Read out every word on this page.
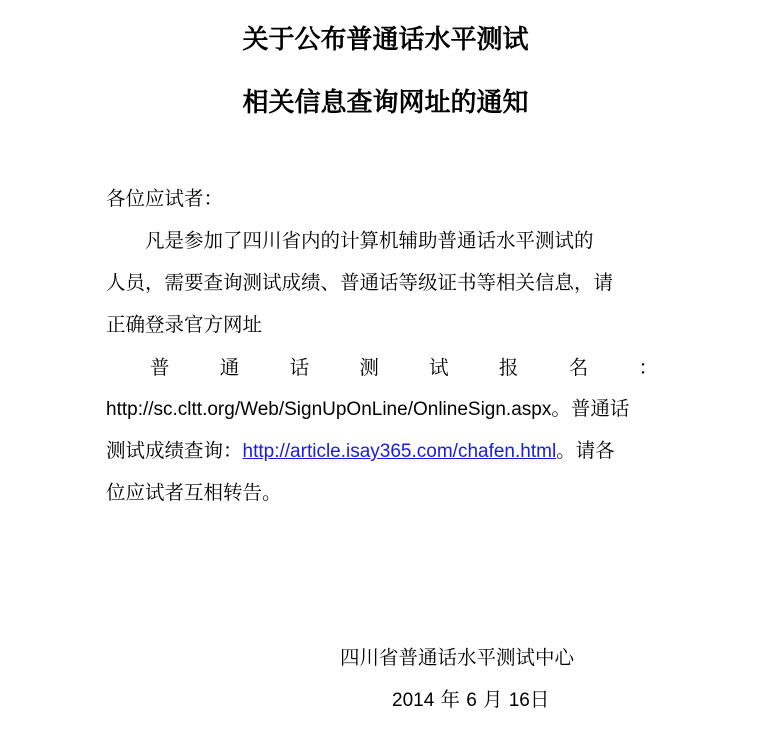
关于公布普通话水平测试
相关信息查询网址的通知
各位应试者：
凡是参加了四川省内的计算机辅助普通话水平测试的
人员，需要查询测试成绩、普通话等级证书等相关信息，请
正确登录官方网址
普	通	话	测	试	报	名	：
http://sc.cltt.org/Web/SignUpOnLine/OnlineSign.aspx。普通话
测试成绩查询：http://article.isay365.com/chafen.html。请各
位应试者互相转告。
四川省普通话水平测试中心
2014 年 6 月 16日
